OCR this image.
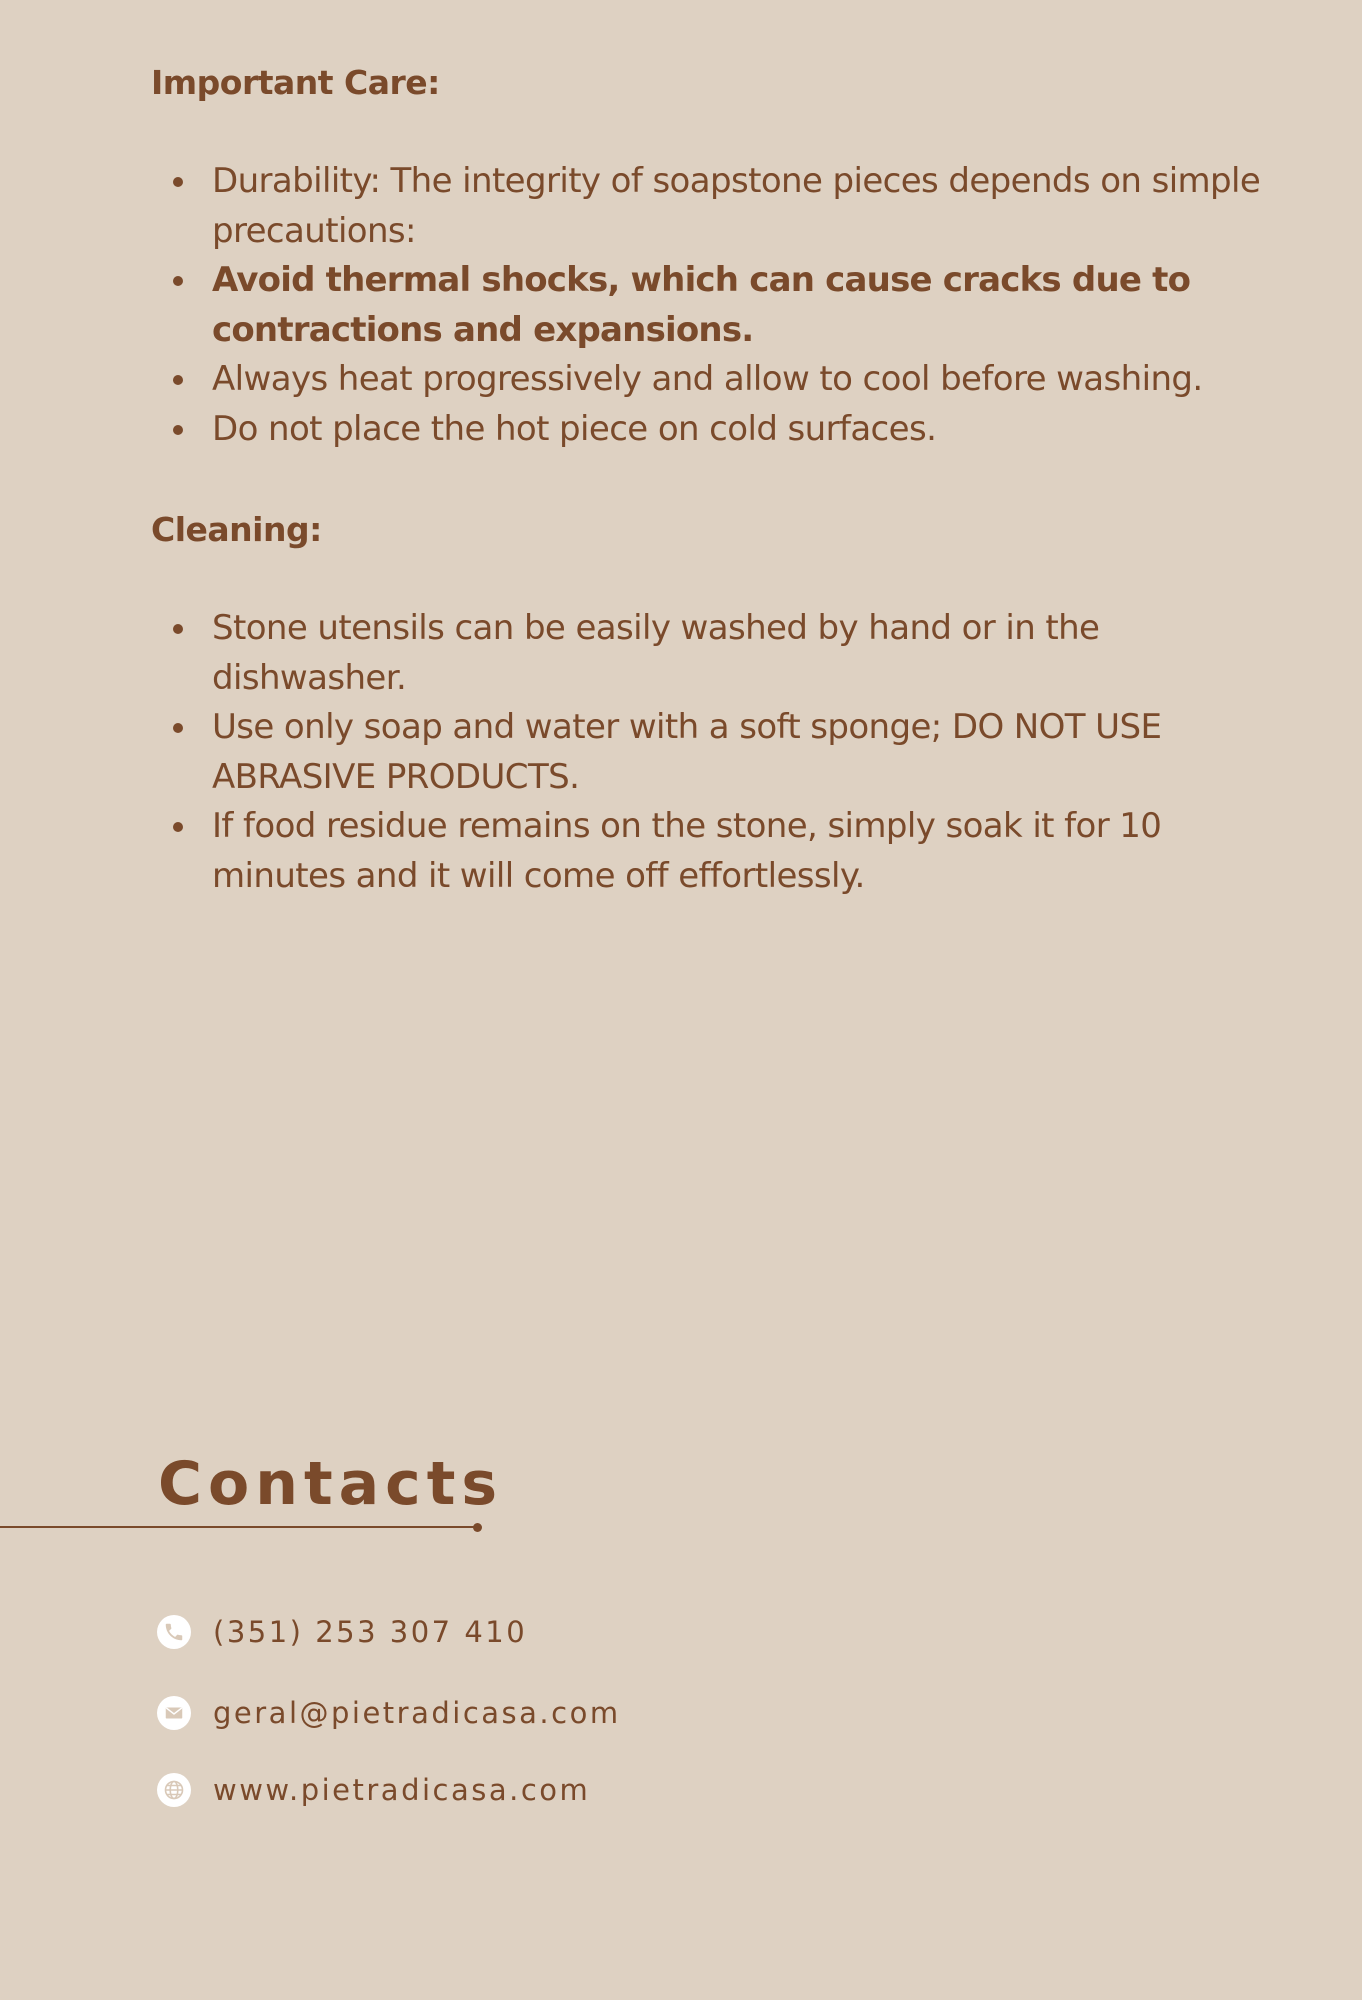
Important Care:
Durability: The integrity of soapstone pieces depends on simple precautions:
Avoid thermal shocks, which can cause cracks due to contractions and expansions.
Always heat progressively and allow to cool before washing.
Do not place the hot piece on cold surfaces.
Cleaning:
Stone utensils can be easily washed by hand or in the dishwasher.
Use only soap and water with a soft sponge; DO NOT USE ABRASIVE PRODUCTS.
If food residue remains on the stone, simply soak it for 10 minutes and it will come off effortlessly.
Contacts
(351) 253 307 410
geral@pietradicasa.com
www.pietradicasa.com
